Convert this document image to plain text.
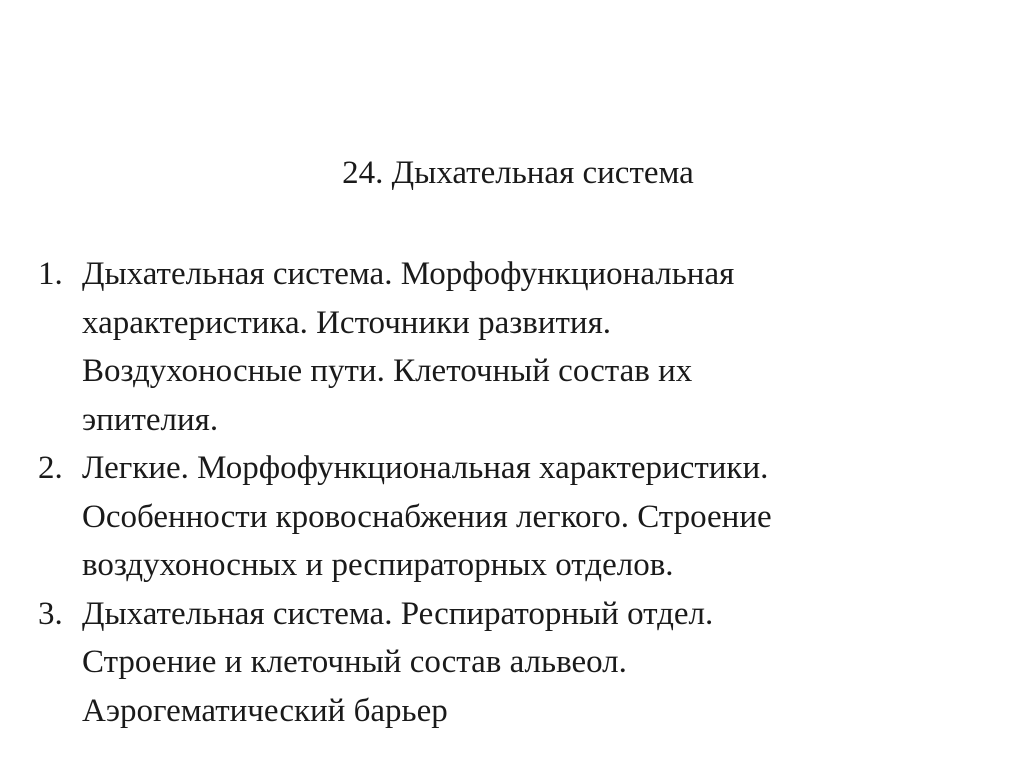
24. Дыхательная система
1. Дыхательная система. Морфофункциональная
характеристика. Источники развития.
Воздухоносные пути. Клеточный состав их
эпителия.
2. Легкие. Морфофункциональная характеристики.
Особенности кровоснабжения легкого. Строение
воздухоносных и респираторных отделов.
3. Дыхательная система. Респираторный отдел.
Строение и клеточный состав альвеол.
Аэрогематический барьер
